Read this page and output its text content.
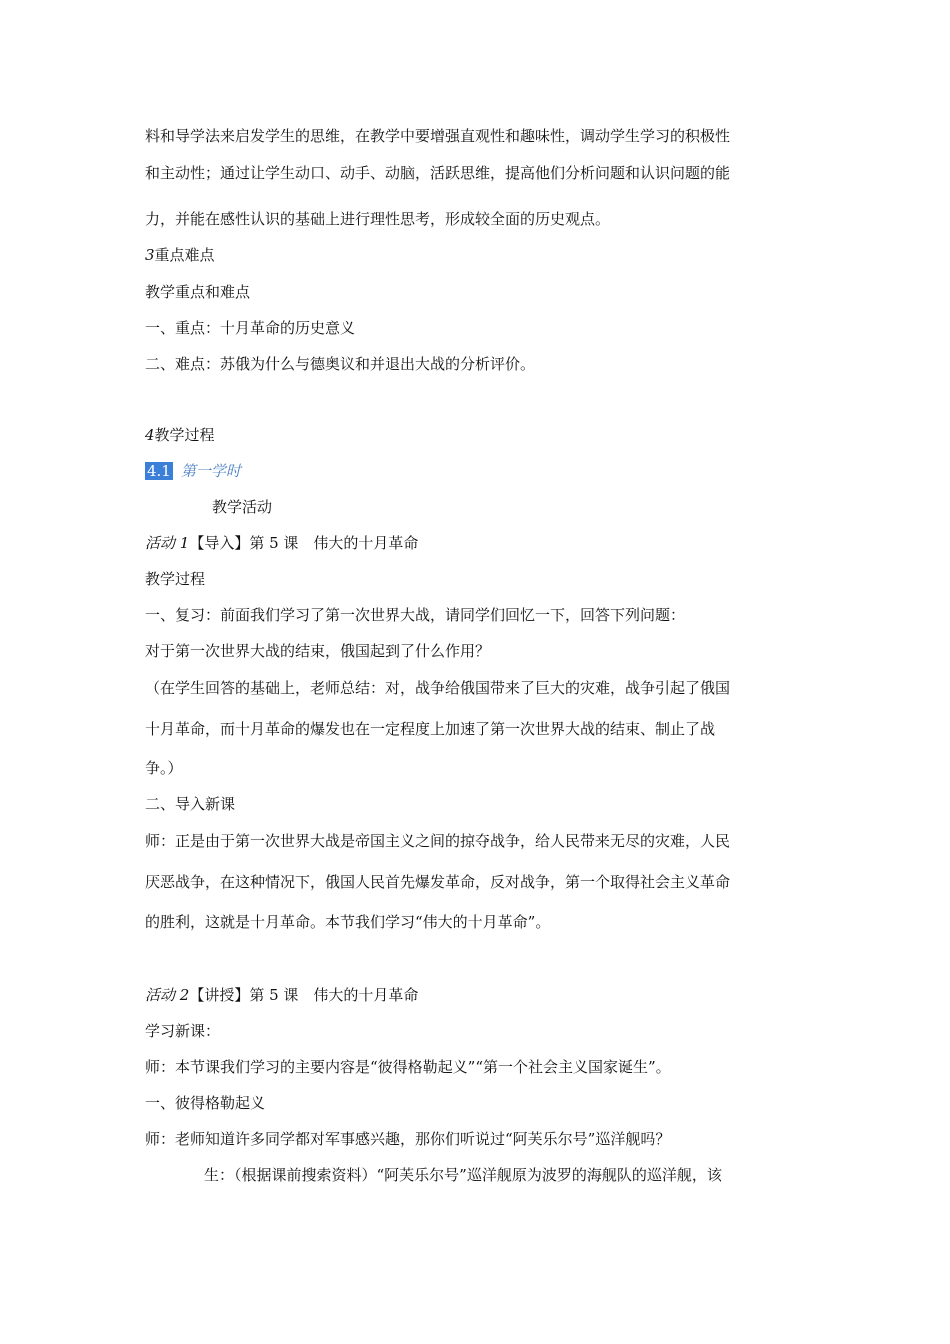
料和导学法来启发学生的思维，在教学中要增强直观性和趣味性，调动学生学习的积极性
和主动性；通过让学生动口、动手、动脑，活跃思维，提高他们分析问题和认识问题的能
力，并能在感性认识的基础上进行理性思考，形成较全面的历史观点。
3重点难点
教学重点和难点
一、重点：十月革命的历史意义
二、难点：苏俄为什么与德奥议和并退出大战的分析评价。
4教学过程
4.1 第一学时
教学活动
活动 1【导入】第 5 课　伟大的十月革命
教学过程
一、复习：前面我们学习了第一次世界大战，请同学们回忆一下，回答下列问题：
对于第一次世界大战的结束，俄国起到了什么作用？
（在学生回答的基础上，老师总结：对，战争给俄国带来了巨大的灾难，战争引起了俄国
十月革命，而十月革命的爆发也在一定程度上加速了第一次世界大战的结束、制止了战
争。）
二、导入新课
师：正是由于第一次世界大战是帝国主义之间的掠夺战争，给人民带来无尽的灾难，人民
厌恶战争，在这种情况下，俄国人民首先爆发革命，反对战争，第一个取得社会主义革命
的胜利，这就是十月革命。本节我们学习“伟大的十月革命”。
活动 2【讲授】第 5 课　伟大的十月革命
学习新课：
师：本节课我们学习的主要内容是“彼得格勒起义”“第一个社会主义国家诞生”。
一、彼得格勒起义
师：老师知道许多同学都对军事感兴趣，那你们听说过“阿芙乐尔号”巡洋舰吗？
生：（根据课前搜索资料）“阿芙乐尔号”巡洋舰原为波罗的海舰队的巡洋舰，该
